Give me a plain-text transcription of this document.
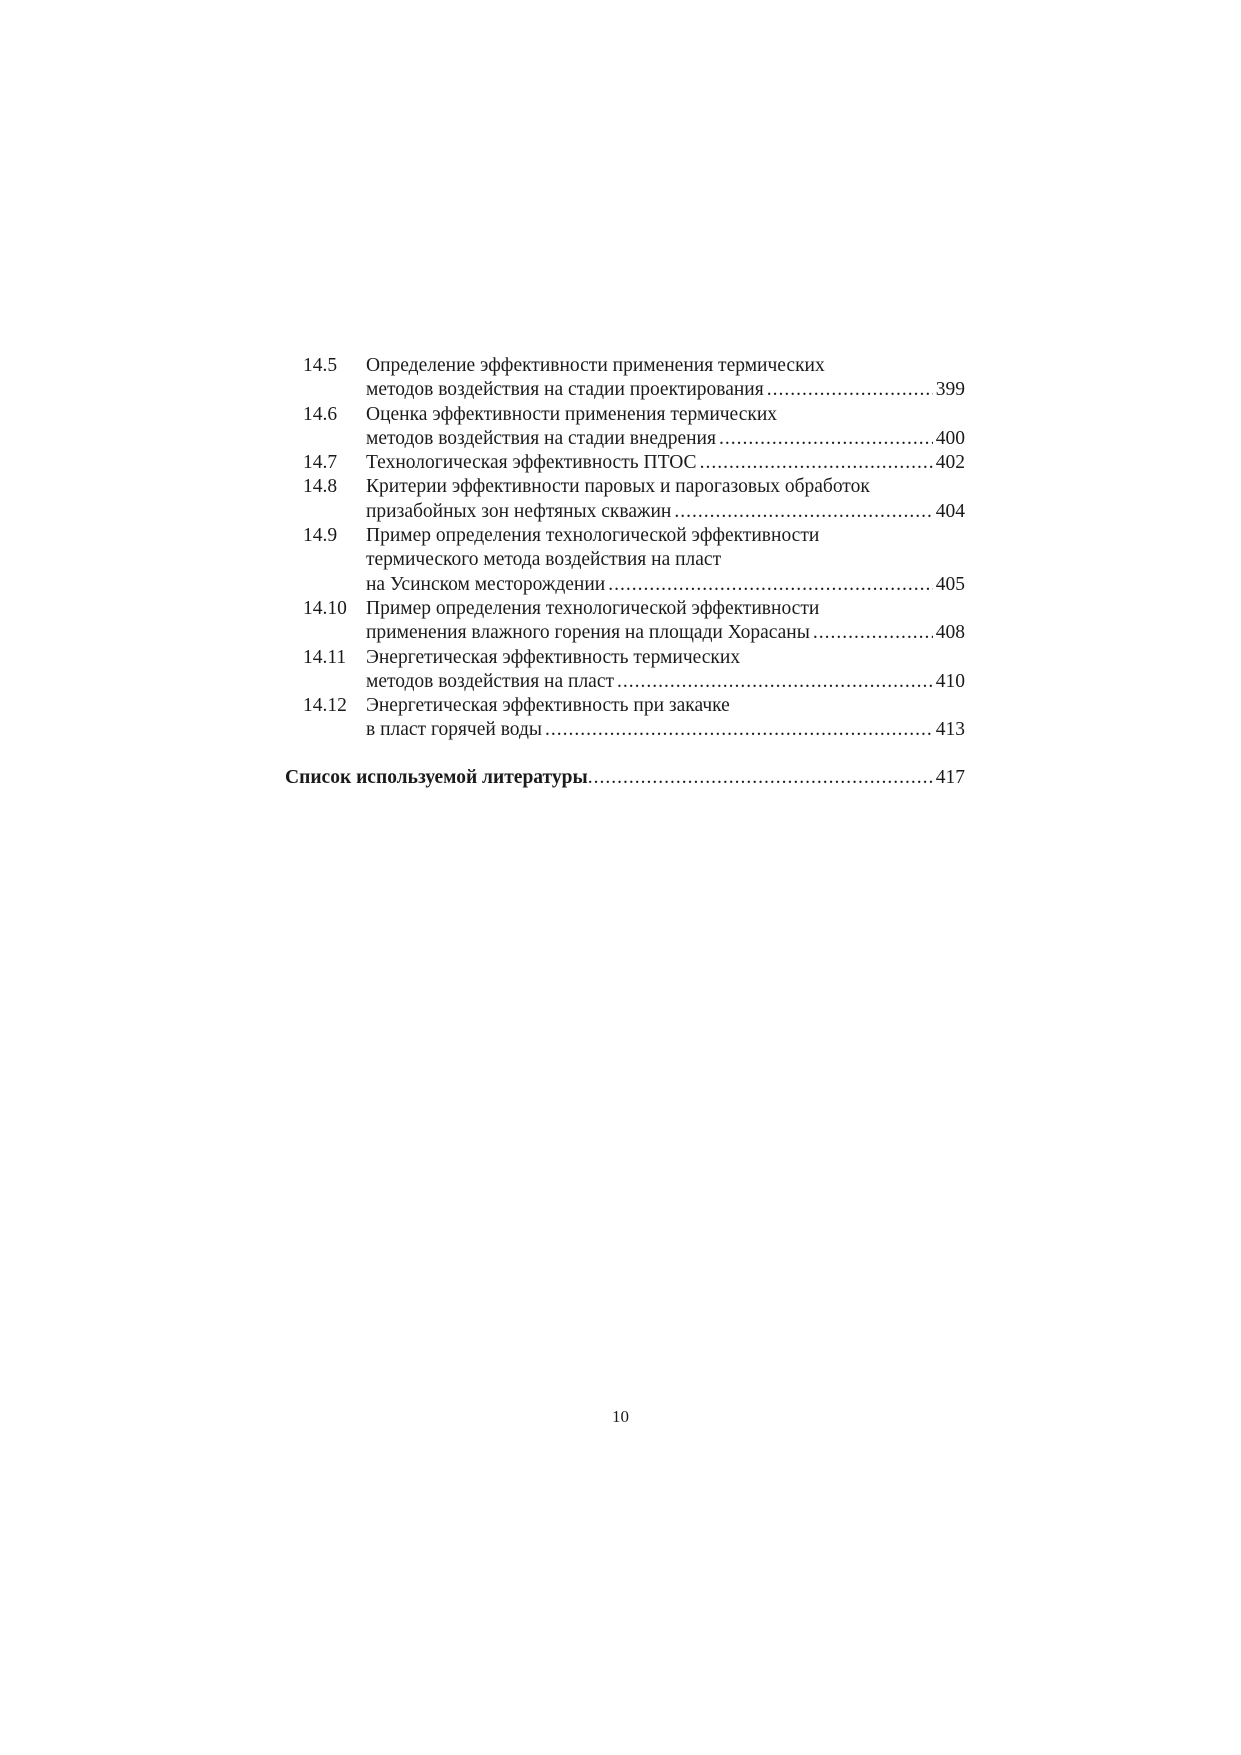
14.5	Определение эффективности применения термических
методов воздействия на стадии проектирования .....	399
14.6	Оценка эффективности применения термических
методов воздействия на стадии внедрения .....	400
14.7	Технологическая эффективность ПТОС .....	402
14.8	Критерии эффективности паровых и парогазовых обработок
призабойных зон нефтяных скважин .....	404
14.9	Пример определения технологической эффективности
термического метода воздействия на пласт
на Усинском месторождении .....	405
14.10 Пример определения технологической эффективности
применения влажного горения на площади Хорасаны .....	408
14.11	Энергетическая эффективность термических
методов воздействия на пласт .....	410
14.12 Энергетическая эффективность при закачке
в пласт горячей воды .....	413
Список используемой литературы .....	417
10
